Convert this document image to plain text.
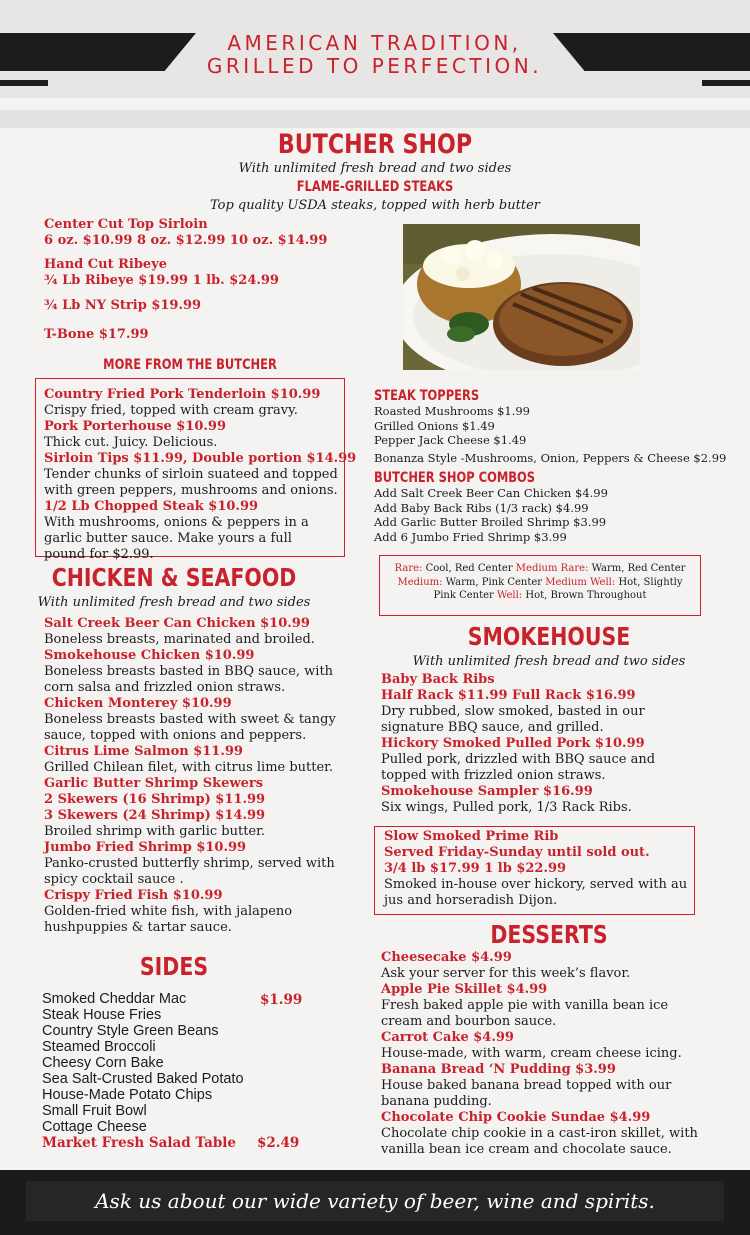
AMERICAN TRADITION,
GRILLED TO PERFECTION.
BUTCHER SHOP
With unlimited fresh bread and two sides
FLAME-GRILLED STEAKS
Top quality USDA steaks, topped with herb butter
Center Cut Top Sirloin
6 oz. $10.99 8 oz. $12.99 10 oz. $14.99
Hand Cut Ribeye
¾ Lb Ribeye $19.99 1 lb. $24.99
¾ Lb NY Strip $19.99
T-Bone $17.99
MORE FROM THE BUTCHER
Country Fried Pork Tenderloin $10.99
Crispy fried, topped with cream gravy.
Pork Porterhouse $10.99
Thick cut. Juicy. Delicious.
Sirloin Tips $11.99, Double portion $14.99
Tender chunks of sirloin suateed and topped with green peppers, mushrooms and onions.
1/2 Lb Chopped Steak $10.99
With mushrooms, onions & peppers in a garlic butter sauce. Make yours a full pound for $2.99.
STEAK TOPPERS
Roasted Mushrooms $1.99
Grilled Onions $1.49
Pepper Jack Cheese $1.49
Bonanza Style -Mushrooms, Onion, Peppers & Cheese $2.99
BUTCHER SHOP COMBOS
Add Salt Creek Beer Can Chicken $4.99
Add Baby Back Ribs (1/3 rack) $4.99
Add Garlic Butter Broiled Shrimp $3.99
Add 6 Jumbo Fried Shrimp $3.99
Rare: Cool, Red Center Medium Rare: Warm, Red Center
Medium: Warm, Pink Center Medium Well: Hot, Slightly
Pink Center Well: Hot, Brown Throughout
CHICKEN & SEAFOOD
With unlimited fresh bread and two sides
Salt Creek Beer Can Chicken $10.99
Boneless breasts, marinated and broiled.
Smokehouse Chicken $10.99
Boneless breasts basted in BBQ sauce, with corn salsa and frizzled onion straws.
Chicken Monterey $10.99
Boneless breasts basted with sweet & tangy sauce, topped with onions and peppers.
Citrus Lime Salmon $11.99
Grilled Chilean filet, with citrus lime butter.
Garlic Butter Shrimp Skewers
2 Skewers (16 Shrimp) $11.99
3 Skewers (24 Shrimp) $14.99
Broiled shrimp with garlic butter.
Jumbo Fried Shrimp $10.99
Panko-crusted butterfly shrimp, served with spicy cocktail sauce .
Crispy Fried Fish $10.99
Golden-fried white fish, with jalapeno hushpuppies & tartar sauce.
SIDES
$1.99
Smoked Cheddar Mac
Steak House Fries
Country Style Green Beans
Steamed Broccoli
Cheesy Corn Bake
Sea Salt-Crusted Baked Potato
House-Made Potato Chips
Small Fruit Bowl
Cottage Cheese
Market Fresh Salad Table $2.49
SMOKEHOUSE
With unlimited fresh bread and two sides
Baby Back Ribs
Half Rack $11.99 Full Rack $16.99
Dry rubbed, slow smoked, basted in our signature BBQ sauce, and grilled.
Hickory Smoked Pulled Pork $10.99
Pulled pork, drizzled with BBQ sauce and topped with frizzled onion straws.
Smokehouse Sampler $16.99
Six wings, Pulled pork, 1/3 Rack Ribs.
Slow Smoked Prime Rib
Served Friday-Sunday until sold out.
3/4 lb $17.99 1 lb $22.99
Smoked in-house over hickory, served with au jus and horseradish Dijon.
DESSERTS
Cheesecake $4.99
Ask your server for this week’s flavor.
Apple Pie Skillet $4.99
Fresh baked apple pie with vanilla bean ice cream and bourbon sauce.
Carrot Cake $4.99
House-made, with warm, cream cheese icing.
Banana Bread ‘N Pudding $3.99
House baked banana bread topped with our banana pudding.
Chocolate Chip Cookie Sundae $4.99
Chocolate chip cookie in a cast-iron skillet, with vanilla bean ice cream and chocolate sauce.
Ask us about our wide variety of beer, wine and spirits.
